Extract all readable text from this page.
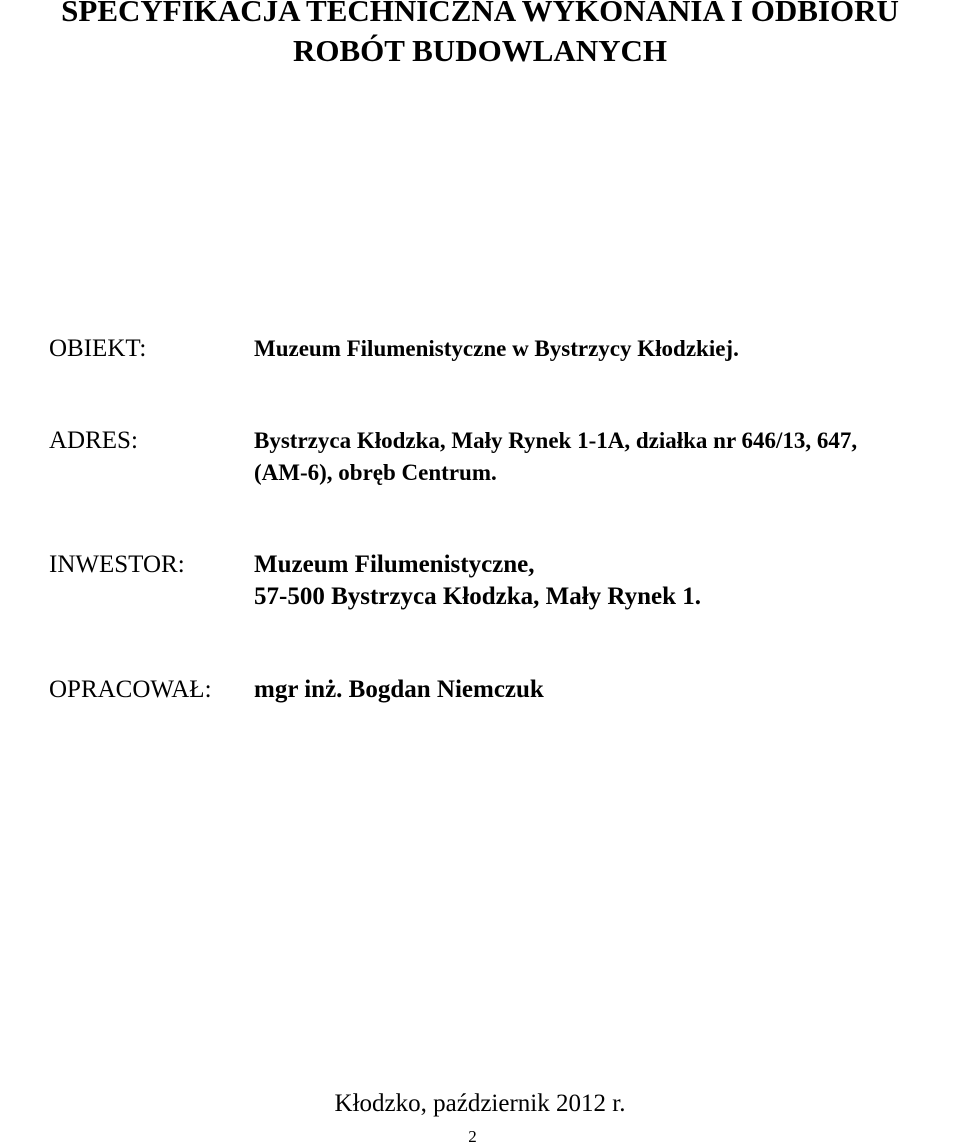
SPECYFIKACJA TECHNICZNA WYKONANIA I ODBIORU
ROBÓT BUDOWLANYCH
OBIEKT:	Muzeum Filumenistyczne w Bystrzycy Kłodzkiej.
ADRES:	Bystrzyca Kłodzka, Mały Rynek 1-1A, działka nr 646/13, 647,
(AM-6), obręb Centrum.
INWESTOR:	Muzeum Filumenistyczne,
57-500 Bystrzyca Kłodzka, Mały Rynek 1.
OPRACOWAŁ: mgr inż. Bogdan Niemczuk
Kłodzko, październik 2012 r.
2
